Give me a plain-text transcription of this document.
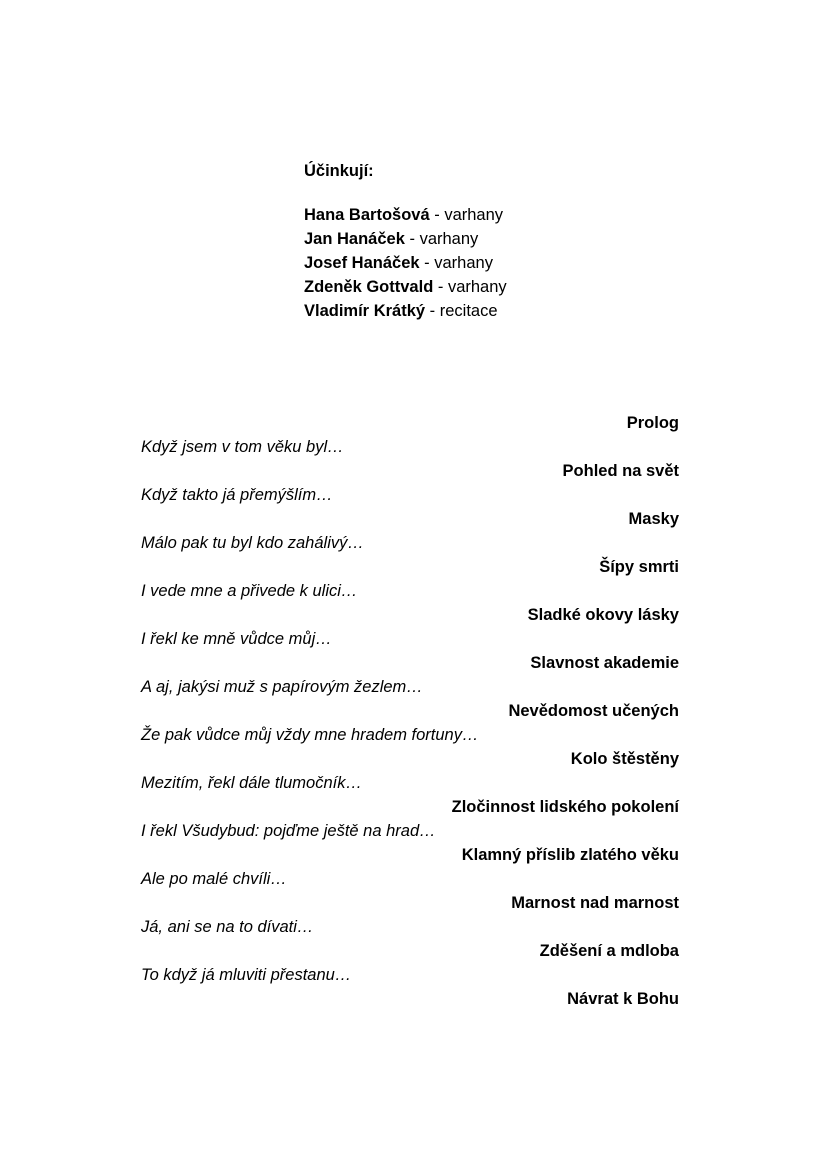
Účinkují:
Hana Bartošová - varhany
Jan Hanáček - varhany
Josef Hanáček - varhany
Zdeněk Gottvald - varhany
Vladimír Krátký - recitace
Prolog
Když jsem v tom věku byl…
Pohled na svět
Když takto já přemýšlím…
Masky
Málo pak tu byl kdo zahálivý…
Šípy smrti
I vede mne a přivede k ulici…
Sladké okovy lásky
I řekl ke mně vůdce můj…
Slavnost akademie
A aj, jakýsi muž s papírovým žezlem…
Nevědomost učených
Že pak vůdce můj vždy mne hradem fortuny…
Kolo štěstěny
Mezitím, řekl dále tlumočník…
Zločinnost lidského pokolení
I řekl Všudybud: pojďme ještě na hrad…
Klamný příslib zlatého věku
Ale po malé chvíli…
Marnost nad marnost
Já, ani se na to dívati…
Zděšení a mdloba
To když já mluviti přestanu…
Návrat k Bohu
